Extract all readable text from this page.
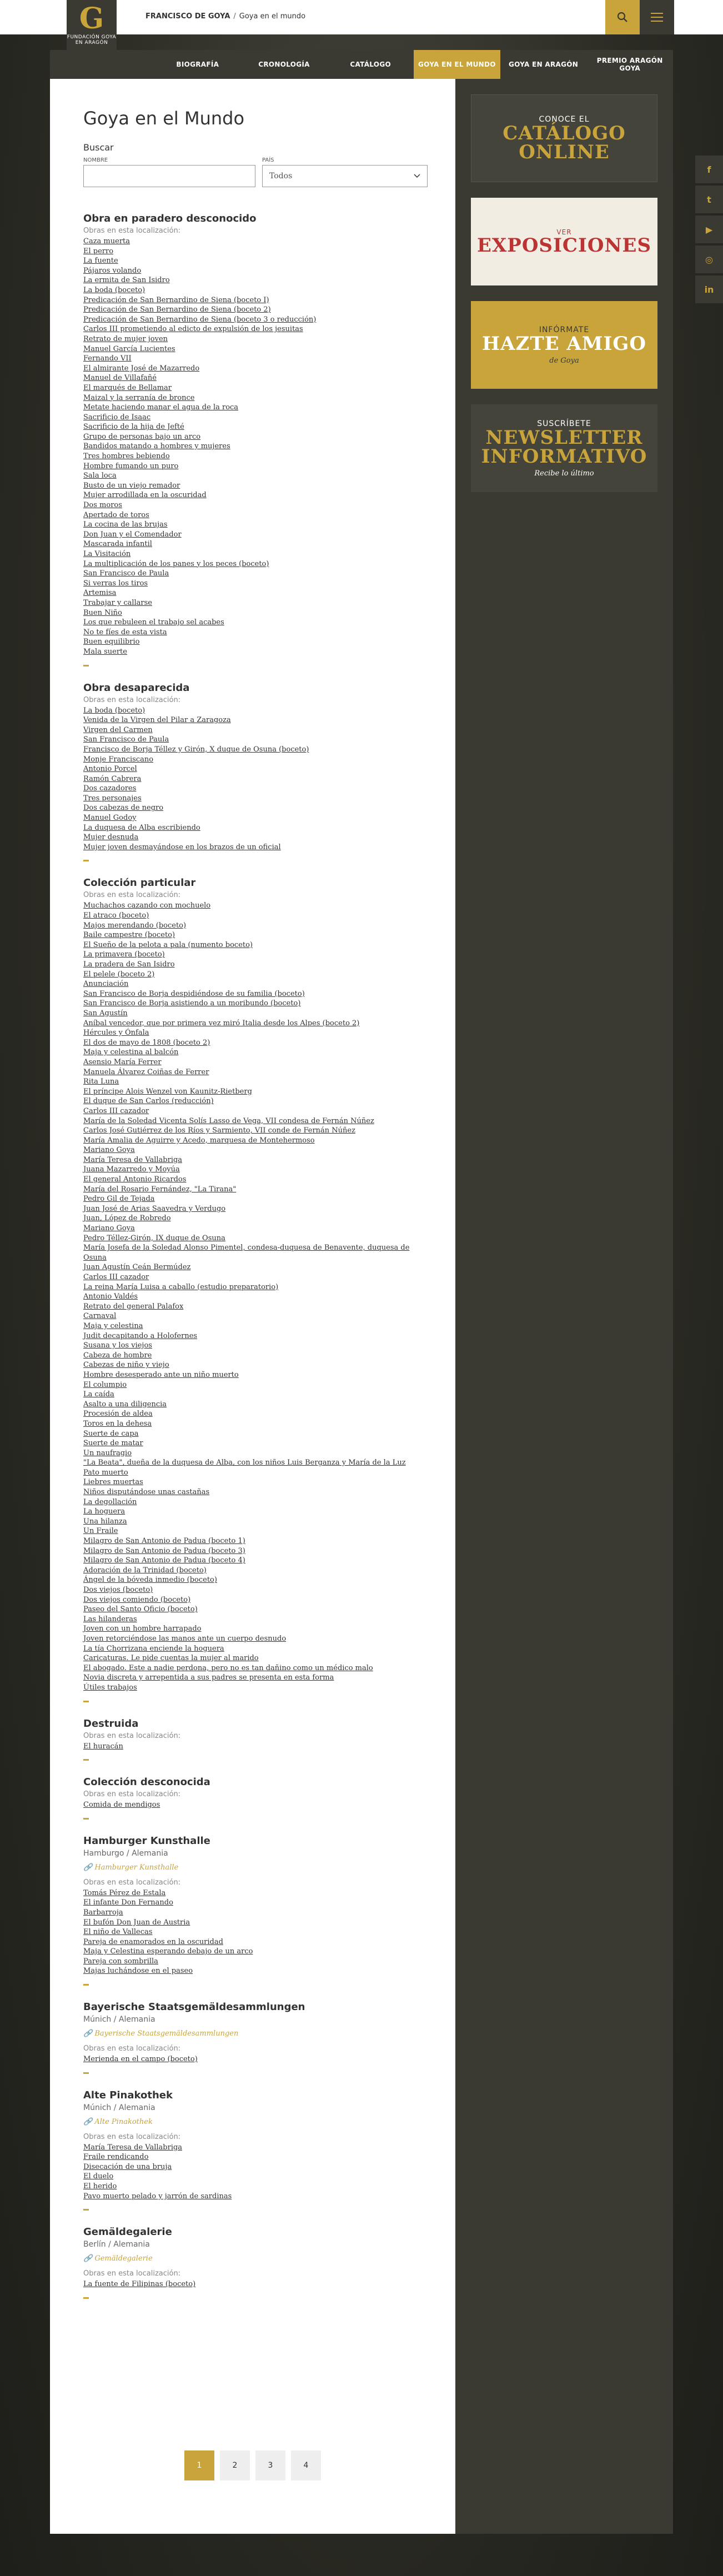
FRANCISCO DE GOYA / Goya en el mundo
G
FUNDACIÓN GOYA EN ARAGÓN
BIOGRAFÍA	CRONOLOGÍA	CATÁLOGO	GOYA EN EL MUNDO	GOYA EN ARAGÓN	PREMIO ARAGÓN GOYA
Goya en el Mundo
Buscar
NOMBRE	PAÍS
Todos
Obra en paradero desconocido
Obras en esta localización:
Caza muerta
El perro
La fuente
Pájaros volando
La ermita de San Isidro
La boda (boceto)
Predicación de San Bernardino de Siena (boceto I)
Predicación de San Bernardino de Siena (boceto 2)
Predicación de San Bernardino de Siena (boceto 3 o reducción)
Carlos III prometiendo al edicto de expulsión de los jesuitas
Retrato de mujer joven
Manuel García Lucientes
Fernando VII
El almirante José de Mazarredo
Manuel de Villafañé
El marqués de Bellamar
Maizal y la serranía de bronce
Metate haciendo manar el agua de la roca
Sacrificio de Isaac
Sacrificio de la hija de Jefté
Grupo de personas bajo un arco
Bandidos matando a hombres y mujeres
Tres hombres bebiendo
Hombre fumando un puro
Sala loca
Busto de un viejo remador
Mujer arrodillada en la oscuridad
Dos moros
Apertado de toros
La cocina de las brujas
Don Juan y el Comendador
Mascarada infantil
La Visitación
La multiplicación de los panes y los peces (boceto)
San Francisco de Paula
Si verras los tiros
Artemisa
Trabajar y callarse
Buen Niño
Los que rebuleen el trabajo sel acabes
No te fíes de esta vista
Buen equilibrio
Mala suerte
Obra desaparecida
Obras en esta localización:
La boda (boceto)
Venida de la Virgen del Pilar a Zaragoza
Virgen del Carmen
San Francisco de Paula
Francisco de Borja Téllez y Girón, X duque de Osuna (boceto)
Monje Franciscano
Antonio Porcel
Ramón Cabrera
Dos cazadores
Tres personajes
Dos cabezas de negro
Manuel Godoy
La duquesa de Alba escribiendo
Mujer desnuda
Mujer joven desmayándose en los brazos de un oficial
Colección particular
Obras en esta localización:
Muchachos cazando con mochuelo
El atraco (boceto)
Majos merendando (boceto)
Baile campestre (boceto)
El Sueño de la pelota a pala (numento boceto)
La primavera (boceto)
La pradera de San Isidro
El pelele (boceto 2)
Anunciación
San Francisco de Borja despidiéndose de su familia (boceto)
San Francisco de Borja asistiendo a un moribundo (boceto)
San Agustín
Aníbal vencedor, que por primera vez miró Italia desde los Alpes (boceto 2)
Hércules y Ónfala
El dos de mayo de 1808 (boceto 2)
Maja y celestina al balcón
Asensio María Ferrer
Manuela Álvarez Coiñas de Ferrer
Rita Luna
El príncipe Alois Wenzel von Kaunitz-Rietberg
El duque de San Carlos (reducción)
Carlos III cazador
María de la Soledad Vicenta Solís Lasso de Vega, VII condesa de Fernán Núñez
Carlos José Gutiérrez de los Ríos y Sarmiento, VII conde de Fernán Núñez
María Amalia de Aguirre y Acedo, marquesa de Montehermoso
Mariano Goya
María Teresa de Vallabriga
Juana Mazarredo y Moyúa
El general Antonio Ricardos
María del Rosario Fernández, "La Tirana"
Pedro Gil de Tejada
Juan José de Arias Saavedra y Verdugo
Juan, López de Robredo
Mariano Goya
Pedro Téllez-Girón, IX duque de Osuna
María Josefa de la Soledad Alonso Pimentel, condesa-duquesa de Benavente, duquesa de Osuna
Juan Agustín Ceán Bermúdez
Carlos III cazador
La reina María Luisa a caballo (estudio preparatorio)
Antonio Valdés
Retrato del general Palafox
Carnaval
Maja y celestina
Judit decapitando a Holofernes
Susana y los viejos
Cabeza de hombre
Cabezas de niño y viejo
Hombre desesperado ante un niño muerto
El columpio
La caída
Asalto a una diligencia
Procesión de aldea
Toros en la dehesa
Suerte de capa
Suerte de matar
Un naufragio
"La Beata", dueña de la duquesa de Alba, con los niños Luis Berganza y María de la Luz
Pato muerto
Liebres muertas
Niños disputándose unas castañas
La degollación
La hoguera
Una hilanza
Un Fraile
Milagro de San Antonio de Padua (boceto 1)
Milagro de San Antonio de Padua (boceto 3)
Milagro de San Antonio de Padua (boceto 4)
Adoración de la Trinidad (boceto)
Ángel de la bóveda inmedio (boceto)
Dos viejos (boceto)
Dos viejos comiendo (boceto)
Paseo del Santo Oficio (boceto)
Las hilanderas
Joven con un hombre harrapado
Joven retorciéndose las manos ante un cuerpo desnudo
La tía Chorrizana enciende la hoguera
Caricaturas. Le pide cuentas la mujer al marido
El abogado. Este a nadie perdona, pero no es tan dañino como un médico malo
Novia discreta y arrepentida a sus padres se presenta en esta forma
Útiles trabajos
Destruida
Obras en esta localización:
El huracán
Colección desconocida
Obras en esta localización:
Comida de mendigos
Hamburger Kunsthalle
Hamburgo / Alemania
🔗 Hamburger Kunsthalle
Obras en esta localización:
Tomás Pérez de Estala
El infante Don Fernando
Barbarroja
El bufón Don Juan de Austria
El niño de Vallecas
Pareja de enamorados en la oscuridad
Maja y Celestina esperando debajo de un arco
Pareja con sombrilla
Majas luchándose en el paseo
Bayerische Staatsgemäldesammlungen
Múnich / Alemania
🔗 Bayerische Staatsgemäldesammlungen
Obras en esta localización:
Merienda en el campo (boceto)
Alte Pinakothek
Múnich / Alemania
🔗 Alte Pinakothek
Obras en esta localización:
María Teresa de Vallabriga
Fraile rendicando
Disecación de una bruja
El duelo
El herido
Pavo muerto pelado y jarrón de sardinas
Gemäldegalerie
Berlín / Alemania
🔗 Gemäldegalerie
Obras en esta localización:
La fuente de Filipinas (boceto)
1	2	3	4
CONOCE EL
CATÁLOGO ONLINE
VER
EXPOSICIONES
INFÓRMATE
HAZTE AMIGO
de Goya
SUSCRÍBETE
NEWSLETTER INFORMATIVO
Recibe lo último
f
t
▶
◎
in
